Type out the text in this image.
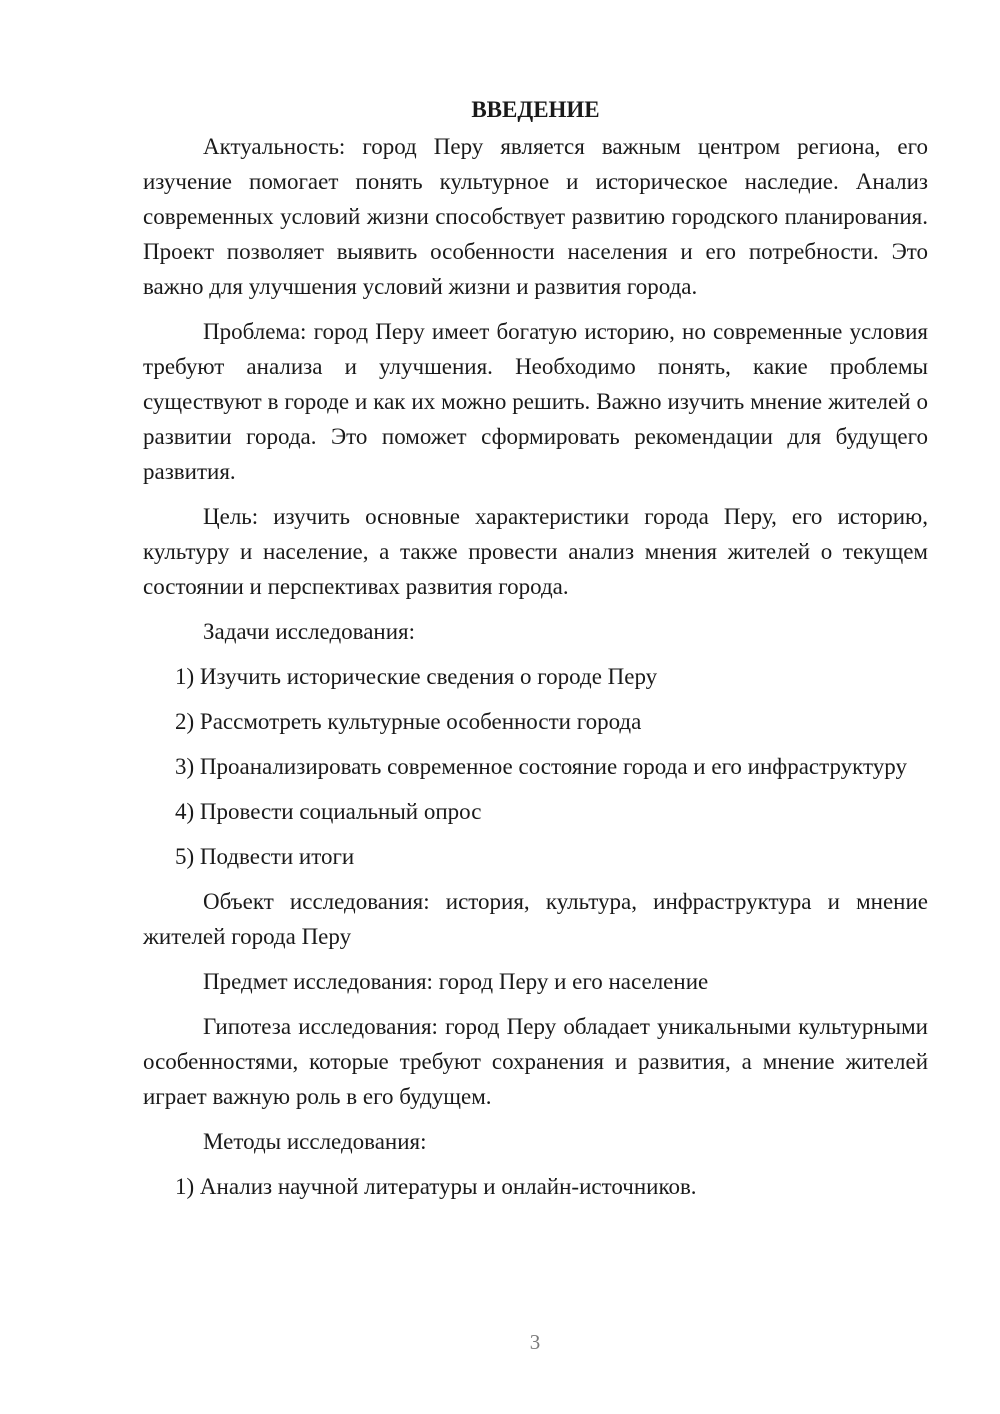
ВВЕДЕНИЕ

Актуальность: город Перу является важным центром региона, его изучение помогает понять культурное и историческое наследие. Анализ современных условий жизни способствует развитию городского планирования. Проект позволяет выявить особенности населения и его потребности. Это важно для улучшения условий жизни и развития города.

Проблема: город Перу имеет богатую историю, но современные условия требуют анализа и улучшения. Необходимо понять, какие проблемы существуют в городе и как их можно решить. Важно изучить мнение жителей о развитии города. Это поможет сформировать рекомендации для будущего развития.

Цель: изучить основные характеристики города Перу, его историю, культуру и население, а также провести анализ мнения жителей о текущем состоянии и перспективах развития города.

Задачи исследования:

1) Изучить исторические сведения о городе Перу

2) Рассмотреть культурные особенности города

3) Проанализировать современное состояние города и его инфраструктуру

4) Провести социальный опрос

5) Подвести итоги

Объект исследования: история, культура, инфраструктура и мнение жителей города Перу

Предмет исследования: город Перу и его население

Гипотеза исследования: город Перу обладает уникальными культурными особенностями, которые требуют сохранения и развития, а мнение жителей играет важную роль в его будущем.

Методы исследования:

1) Анализ научной литературы и онлайн-источников.

3
